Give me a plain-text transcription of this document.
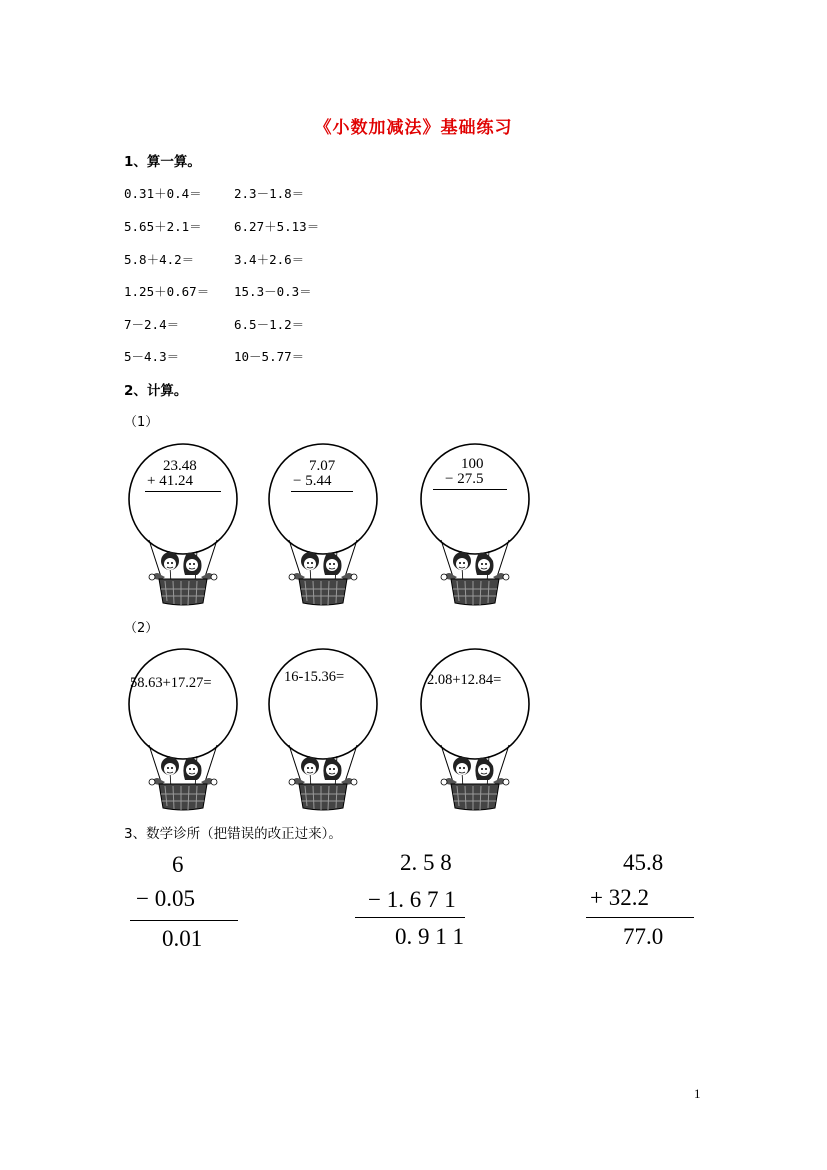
《小数加减法》基础练习
1、算一算。
0.31＋0.4＝	2.3－1.8＝
5.65＋2.1＝	6.27＋5.13＝
5.8＋4.2＝	3.4＋2.6＝
1.25＋0.67＝ 15.3－0.3＝
7－2.4＝	6.5－1.2＝
5－4.3＝	10－5.77＝
2、计算。
（1）
23.48
+ 41.24
7.07
− 5.44
100
− 27.5
（2）
58.63+17.27=	16-15.36=	2.08+12.84=
3、数学诊所（把错误的改正过来）。
6
− 0.05
0.01
2. 5 8
− 1. 6 7 1
0. 9 1 1
45.8
+ 32.2
77.0
1
